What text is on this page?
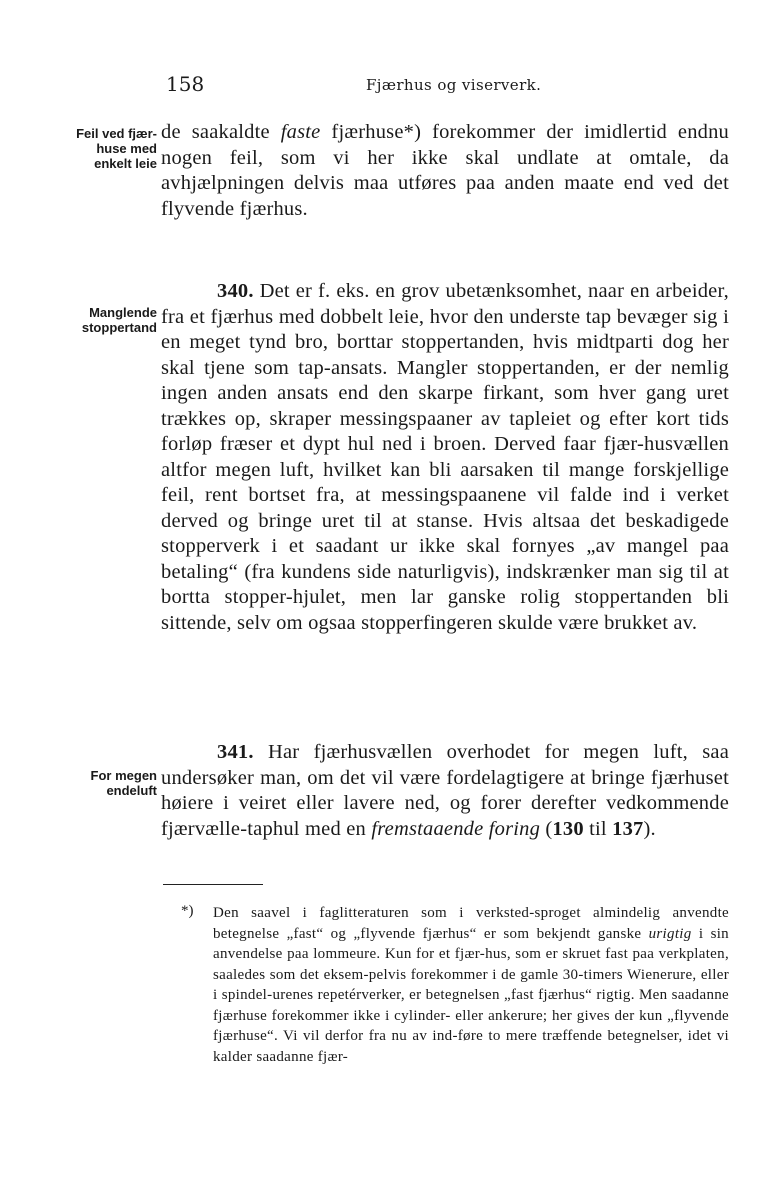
158	Fjærhus og viserverk.
Feil ved fjær-
huse med
enkelt leie
de saakaldte faste fjærhuse*) forekommer der imidlertid endnu nogen feil, som vi her ikke skal undlate at omtale, da avhjælpningen delvis maa utføres paa anden maate end ved det flyvende fjærhus.
Manglende
stoppertand
340. Det er f. eks. en grov ubetænksomhet, naar en arbeider, fra et fjærhus med dobbelt leie, hvor den underste tap bevæger sig i en meget tynd bro, borttar stoppertanden, hvis midtparti dog her skal tjene som tap-ansats. Mangler stoppertanden, er der nemlig ingen anden ansats end den skarpe firkant, som hver gang uret trækkes op, skraper messingspaaner av tapleiet og efter kort tids forløp fræser et dypt hul ned i broen. Derved faar fjær-husvællen altfor megen luft, hvilket kan bli aarsaken til mange forskjellige feil, rent bortset fra, at messingspaanene vil falde ind i verket derved og bringe uret til at stanse. Hvis altsaa det beskadigede stopperverk i et saadant ur ikke skal fornyes „av mangel paa betaling“ (fra kundens side naturligvis), indskrænker man sig til at bortta stopper-hjulet, men lar ganske rolig stoppertanden bli sittende, selv om ogsaa stopperfingeren skulde være brukket av.
For megen
endeluft
341. Har fjærhusvællen overhodet for megen luft, saa undersøker man, om det vil være fordelagtigere at bringe fjærhuset høiere i veiret eller lavere ned, og forer derefter vedkommende fjærvælle-taphul med en fremstaaende foring (130 til 137).
*) Den saavel i faglitteraturen som i verksted-sproget almindelig anvendte betegnelse „fast“ og „flyvende fjærhus“ er som bekjendt ganske urigtig i sin anvendelse paa lommeure. Kun for et fjær-hus, som er skruet fast paa verkplaten, saaledes som det eksem-pelvis forekommer i de gamle 30-timers Wienerure, eller i spindel-urenes repetérverker, er betegnelsen „fast fjærhus“ rigtig. Men saadanne fjærhuse forekommer ikke i cylinder- eller ankerure; her gives der kun „flyvende fjærhuse“. Vi vil derfor fra nu av ind-føre to mere træffende betegnelser, idet vi kalder saadanne fjær-
